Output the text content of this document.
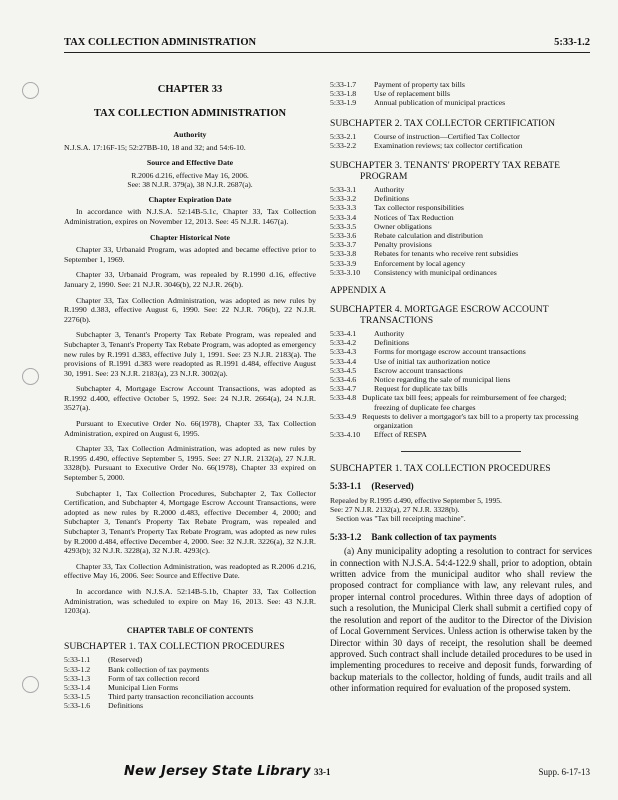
TAX COLLECTION ADMINISTRATION	5:33-1.2
CHAPTER 33
TAX COLLECTION ADMINISTRATION
Authority
N.J.S.A. 17:16F-15; 52:27BB-10, 18 and 32; and 54:6-10.
Source and Effective Date
R.2006 d.216, effective May 16, 2006.
See: 38 N.J.R. 379(a), 38 N.J.R. 2687(a).
Chapter Expiration Date
In accordance with N.J.S.A. 52:14B-5.1c, Chapter 33, Tax Collection Administration, expires on November 12, 2013. See: 45 N.J.R. 1467(a).
Chapter Historical Note
Chapter 33, Urbanaid Program, was adopted and became effective prior to September 1, 1969.
Chapter 33, Urbanaid Program, was repealed by R.1990 d.16, effective January 2, 1990. See: 21 N.J.R. 3046(b), 22 N.J.R. 26(b).
Chapter 33, Tax Collection Administration, was adopted as new rules by R.1990 d.383, effective August 6, 1990. See: 22 N.J.R. 706(b), 22 N.J.R. 2276(b).
Subchapter 3, Tenant's Property Tax Rebate Program, was repealed and Subchapter 3, Tenant's Property Tax Rebate Program, was adopted as emergency new rules by R.1991 d.383, effective July 1, 1991. See: 23 N.J.R. 2183(a). The provisions of R.1991 d.383 were readopted as R.1991 d.484, effective August 30, 1991. See: 23 N.J.R. 2183(a), 23 N.J.R. 3002(a).
Subchapter 4, Mortgage Escrow Account Transactions, was adopted as R.1992 d.400, effective October 5, 1992. See: 24 N.J.R. 2664(a), 24 N.J.R. 3527(a).
Pursuant to Executive Order No. 66(1978), Chapter 33, Tax Collection Administration, expired on August 6, 1995.
Chapter 33, Tax Collection Administration, was adopted as new rules by R.1995 d.490, effective September 5, 1995. See: 27 N.J.R. 2132(a), 27 N.J.R. 3328(b). Pursuant to Executive Order No. 66(1978), Chapter 33 expired on September 5, 2000.
Subchapter 1, Tax Collection Procedures, Subchapter 2, Tax Collector Certification, and Subchapter 4, Mortgage Escrow Account Transactions, were adopted as new rules by R.2000 d.483, effective December 4, 2000; and Subchapter 3, Tenant's Property Tax Rebate Program, was repealed and Subchapter 3, Tenant's Property Tax Rebate Program, was adopted as new rules by R.2000 d.484, effective December 4, 2000. See: 32 N.J.R. 3226(a), 32 N.J.R. 4293(b); 32 N.J.R. 3228(a), 32 N.J.R. 4293(c).
Chapter 33, Tax Collection Administration, was readopted as R.2006 d.216, effective May 16, 2006. See: Source and Effective Date.
In accordance with N.J.S.A. 52:14B-5.1b, Chapter 33, Tax Collection Administration, was scheduled to expire on May 16, 2013. See: 43 N.J.R. 1203(a).
CHAPTER TABLE OF CONTENTS
SUBCHAPTER 1. TAX COLLECTION PROCEDURES
5:33-1.1	(Reserved)
5:33-1.2	Bank collection of tax payments
5:33-1.3	Form of tax collection record
5:33-1.4	Municipal Lien Forms
5:33-1.5	Third party transaction reconciliation accounts
5:33-1.6	Definitions
5:33-1.7	Payment of property tax bills
5:33-1.8	Use of replacement bills
5:33-1.9	Annual publication of municipal practices
SUBCHAPTER 2. TAX COLLECTOR CERTIFICATION
5:33-2.1	Course of instruction—Certified Tax Collector
5:33-2.2	Examination reviews; tax collector certification
SUBCHAPTER 3. TENANTS' PROPERTY TAX REBATE
PROGRAM
5:33-3.1	Authority
5:33-3.2	Definitions
5:33-3.3	Tax collector responsibilities
5:33-3.4	Notices of Tax Reduction
5:33-3.5	Owner obligations
5:33-3.6	Rebate calculation and distribution
5:33-3.7	Penalty provisions
5:33-3.8	Rebates for tenants who receive rent subsidies
5:33-3.9	Enforcement by local agency
5:33-3.10	Consistency with municipal ordinances
APPENDIX A
SUBCHAPTER 4. MORTGAGE ESCROW ACCOUNT
TRANSACTIONS
5:33-4.1	Authority
5:33-4.2	Definitions
5:33-4.3	Forms for mortgage escrow account transactions
5:33-4.4	Use of initial tax authorization notice
5:33-4.5	Escrow account transactions
5:33-4.6	Notice regarding the sale of municipal liens
5:33-4.7	Request for duplicate tax bills
5:33-4.8	Duplicate tax bill fees; appeals for reimbursement of fee charged; freezing of duplicate fee charges
5:33-4.9	Requests to deliver a mortgagor's tax bill to a property tax processing organization
5:33-4.10	Effect of RESPA
SUBCHAPTER 1. TAX COLLECTION PROCEDURES
5:33-1.1 (Reserved)
Repealed by R.1995 d.490, effective September 5, 1995.
See: 27 N.J.R. 2132(a), 27 N.J.R. 3328(b).
Section was "Tax bill receipting machine".
5:33-1.2 Bank collection of tax payments

(a) Any municipality adopting a resolution to contract for services in connection with N.J.S.A. 54:4-122.9 shall, prior to adoption, obtain written advice from the municipal auditor who shall review the proposed contract for compliance with law, any relevant rules, and proper internal control procedures. Within three days of adoption of such a resolution, the Municipal Clerk shall submit a certified copy of the resolution and report of the auditor to the Director of the Division of Local Government Services. Unless action is otherwise taken by the Director within 30 days of receipt, the resolution shall be deemed approved. Such contract shall include detailed procedures to be used in implementing procedures to receive and deposit funds, forwarding of backup materials to the collector, holding of funds, audit trails and all other information required for evaluation of the proposed system.

New Jersey State Library 33-1	Supp. 6-17-13
